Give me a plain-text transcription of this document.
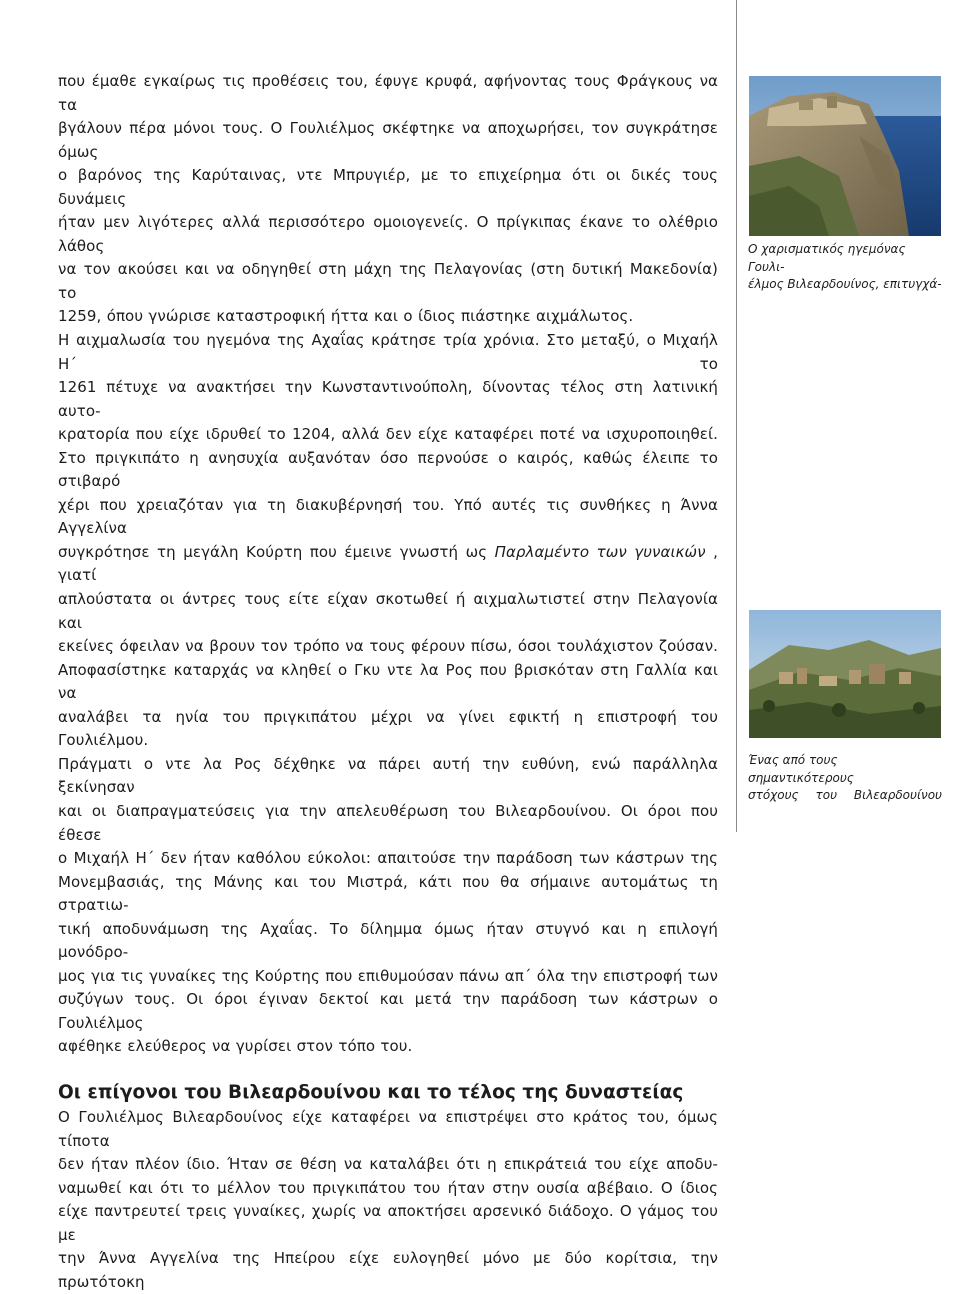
που έμαθε εγκαίρως τις προθέσεις του, έφυγε κρυφά, αφήνοντας τους Φράγκους να τα
βγάλουν πέρα μόνοι τους. Ο Γουλιέλμος σκέφτηκε να αποχωρήσει, τον συγκράτησε όμως
ο βαρόνος της Καρύταινας, ντε Μπρυγιέρ, με το επιχείρημα ότι οι δικές τους δυνάμεις
ήταν μεν λιγότερες αλλά περισσότερο ομοιογενείς. Ο πρίγκιπας έκανε το ολέθριο λάθος
να τον ακούσει και να οδηγηθεί στη μάχη της Πελαγονίας (στη δυτική Μακεδονία) το
1259, όπου γνώρισε καταστροφική ήττα και ο ίδιος πιάστηκε αιχμάλωτος.
Η αιχμαλωσία του ηγεμόνα της Αχαΐας κράτησε τρία χρόνια. Στο μεταξύ, ο Μιχαήλ Η΄ το
1261 πέτυχε να ανακτήσει την Κωνσταντινούπολη, δίνοντας τέλος στη λατινική αυτο-
κρατορία που είχε ιδρυθεί το 1204, αλλά δεν είχε καταφέρει ποτέ να ισχυροποιηθεί.
Στο πριγκιπάτο η ανησυχία αυξανόταν όσο περνούσε ο καιρός, καθώς έλειπε το στιβαρό
χέρι που χρειαζόταν για τη διακυβέρνησή του. Υπό αυτές τις συνθήκες η Άννα Αγγελίνα
συγκρότησε τη μεγάλη Κούρτη που έμεινε γνωστή ως Παρλαμέντο των γυναικών , γιατί
απλούστατα οι άντρες τους είτε είχαν σκοτωθεί ή αιχμαλωτιστεί στην Πελαγονία και
εκείνες όφειλαν να βρουν τον τρόπο να τους φέρουν πίσω, όσοι τουλάχιστον ζούσαν.
Αποφασίστηκε καταρχάς να κληθεί ο Γκυ ντε λα Ρος που βρισκόταν στη Γαλλία και να
αναλάβει τα ηνία του πριγκιπάτου μέχρι να γίνει εφικτή η επιστροφή του Γουλιέλμου.
Πράγματι ο ντε λα Ρος δέχθηκε να πάρει αυτή την ευθύνη, ενώ παράλληλα ξεκίνησαν
και οι διαπραγματεύσεις για την απελευθέρωση του Βιλεαρδουίνου. Οι όροι που έθεσε
ο Μιχαήλ Η΄ δεν ήταν καθόλου εύκολοι: απαιτούσε την παράδοση των κάστρων της
Μονεμβασιάς, της Μάνης και του Μιστρά, κάτι που θα σήμαινε αυτομάτως τη στρατιω-
τική αποδυνάμωση της Αχαΐας. Το δίλημμα όμως ήταν στυγνό και η επιλογή μονόδρο-
μος για τις γυναίκες της Κούρτης που επιθυμούσαν πάνω απ΄ όλα την επιστροφή των
συζύγων τους. Οι όροι έγιναν δεκτοί και μετά την παράδοση των κάστρων ο Γουλιέλμος
αφέθηκε ελεύθερος να γυρίσει στον τόπο του.

Οι επίγονοι του Βιλεαρδουίνου και το τέλος της δυναστείας

Ο Γουλιέλμος Βιλεαρδουίνος είχε καταφέρει να επιστρέψει στο κράτος του, όμως τίποτα
δεν ήταν πλέον ίδιο. Ήταν σε θέση να καταλάβει ότι η επικράτειά του είχε αποδυ-
ναμωθεί και ότι το μέλλον του πριγκιπάτου του ήταν στην ουσία αβέβαιο. Ο ίδιος
είχε παντρευτεί τρεις γυναίκες, χωρίς να αποκτήσει αρσενικό διάδοχο. Ο γάμος του με
την Άννα Αγγελίνα της Ηπείρου είχε ευλογηθεί μόνο με δύο κορίτσια, την πρωτότοκη

Ο χαρισματικός ηγεμόνας Γουλι-
έλμος Βιλεαρδουίνος, επιτυγχά-
Ένας από τους σημαντικότερους
στόχους του Βιλεαρδουίνου
